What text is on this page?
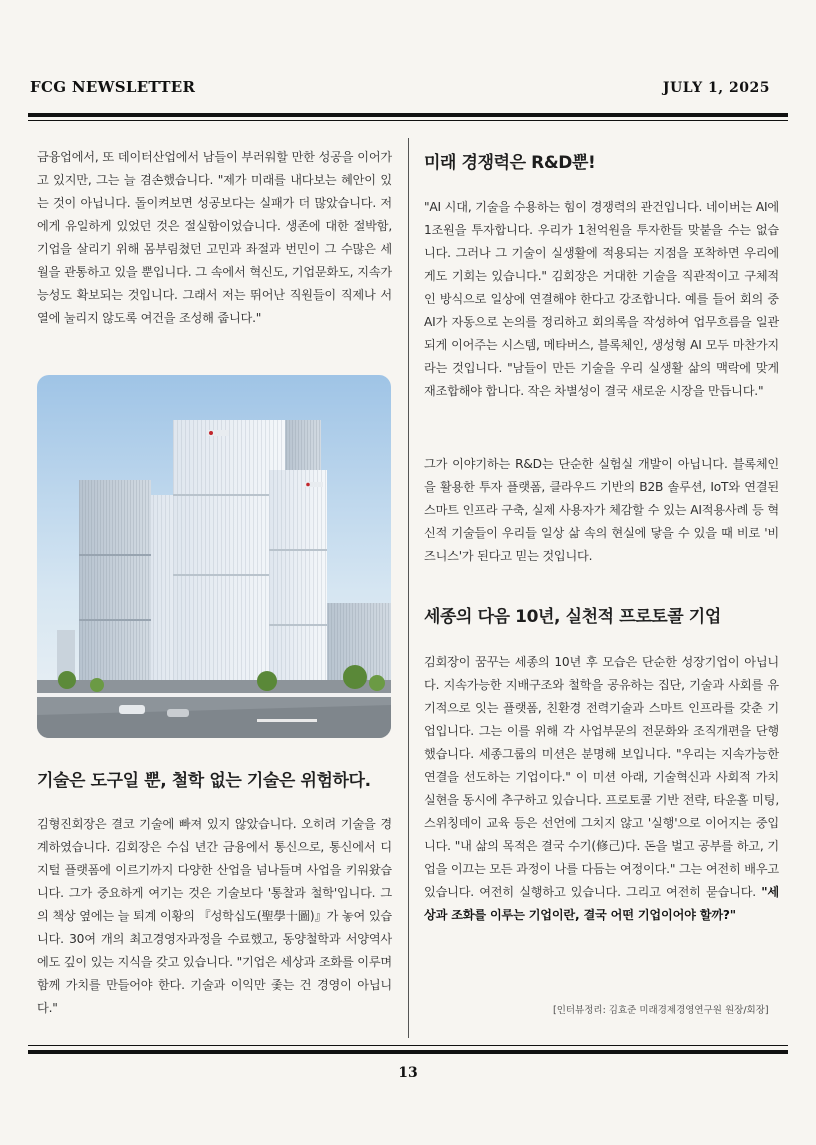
FCG NEWSLETTER	JULY 1, 2025
금융업에서, 또 데이터산업에서 남들이 부러워할 만한 성공을 이어가고 있지만, 그는 늘 겸손했습니다. "제가 미래를 내다보는 혜안이 있는 것이 아닙니다. 돌이켜보면 성공보다는 실패가 더 많았습니다. 저에게 유일하게 있었던 것은 절실함이었습니다. 생존에 대한 절박함, 기업을 살리기 위해 몸부림쳤던 고민과 좌절과 번민이 그 수많은 세월을 관통하고 있을 뿐입니다. 그 속에서 혁신도, 기업문화도, 지속가능성도 확보되는 것입니다. 그래서 저는 뛰어난 직원들이 직제나 서열에 눌리지 않도록 여건을 조성해 줍니다."
기술은 도구일 뿐, 철학 없는 기술은 위험하다.
김형진회장은 결코 기술에 빠져 있지 않았습니다. 오히려 기술을 경계하였습니다. 김회장은 수십 년간 금융에서 통신으로, 통신에서 디지털 플랫폼에 이르기까지 다양한 산업을 넘나들며 사업을 키워왔습니다. 그가 중요하게 여기는 것은 기술보다 '통찰과 철학'입니다. 그의 책상 옆에는 늘 퇴계 이황의 『성학십도(聖學十圖)』가 놓여 있습니다. 30여 개의 최고경영자과정을 수료했고, 동양철학과 서양역사에도 깊이 있는 지식을 갖고 있습니다. "기업은 세상과 조화를 이루며 함께 가치를 만들어야 한다. 기술과 이익만 좇는 건 경영이 아닙니다."
미래 경쟁력은 R&D뿐!
"AI 시대, 기술을 수용하는 힘이 경쟁력의 관건입니다. 네이버는 AI에 1조원을 투자합니다. 우리가 1천억원을 투자한들 맞붙을 수는 없습니다. 그러나 그 기술이 실생활에 적용되는 지점을 포착하면 우리에게도 기회는 있습니다." 김회장은 거대한 기술을 직관적이고 구체적인 방식으로 일상에 연결해야 한다고 강조합니다. 예를 들어 회의 중 AI가 자동으로 논의를 정리하고 회의록을 작성하여 업무흐름을 일관되게 이어주는 시스템, 메타버스, 블록체인, 생성형 AI 모두 마찬가지라는 것입니다. "남들이 만든 기술을 우리 실생활 삶의 맥락에 맞게 재조합해야 합니다. 작은 차별성이 결국 새로운 시장을 만듭니다."
그가 이야기하는 R&D는 단순한 실험실 개발이 아닙니다. 블록체인을 활용한 투자 플랫폼, 클라우드 기반의 B2B 솔루션, IoT와 연결된 스마트 인프라 구축, 실제 사용자가 체감할 수 있는 AI적용사례 등 혁신적 기술들이 우리들 일상 삶 속의 현실에 닿을 수 있을 때 비로 '비즈니스'가 된다고 믿는 것입니다.
세종의 다음 10년, 실천적 프로토콜 기업
김회장이 꿈꾸는 세종의 10년 후 모습은 단순한 성장기업이 아닙니다. 지속가능한 지배구조와 철학을 공유하는 집단, 기술과 사회를 유기적으로 잇는 플랫폼, 친환경 전력기술과 스마트 인프라를 갖춘 기업입니다. 그는 이를 위해 각 사업부문의 전문화와 조직개편을 단행했습니다. 세종그룹의 미션은 분명해 보입니다. "우리는 지속가능한 연결을 선도하는 기업이다." 이 미션 아래, 기술혁신과 사회적 가치 실현을 동시에 추구하고 있습니다. 프로토콜 기반 전략, 타운홀 미팅, 스위칭데이 교육 등은 선언에 그치지 않고 '실행'으로 이어지는 중입니다. "내 삶의 목적은 결국 수기(修己)다. 돈을 벌고 공부를 하고, 기업을 이끄는 모든 과정이 나를 다듬는 여정이다." 그는 여전히 배우고 있습니다. 여전히 실행하고 있습니다. 그리고 여전히 묻습니다. "세상과 조화를 이루는 기업이란, 결국 어떤 기업이어야 할까?"
[인터뷰정리: 김효준 미래경제경영연구원 원장/회장]
13
